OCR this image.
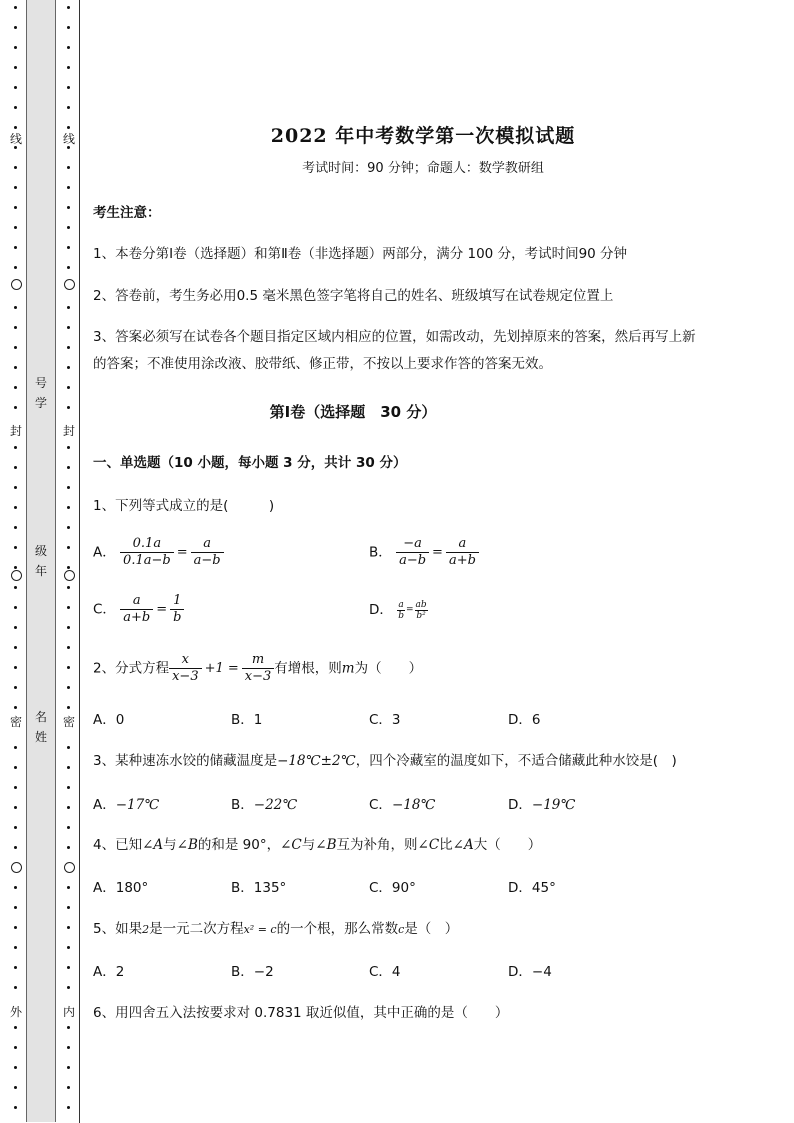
线
封
密
外
线
封
密
内
号
学
级
年
名
姓
2022 年中考数学第一次模拟试题
考试时间：90 分钟；命题人：数学教研组
考生注意：
1、本卷分第Ⅰ卷（选择题）和第Ⅱ卷（非选择题）两部分，满分 100 分，考试时间90 分钟
2、答卷前，考生务必用0.5 毫米黑色签字笔将自己的姓名、班级填写在试卷规定位置上
3、答案必须写在试卷各个题目指定区域内相应的位置，如需改动，先划掉原来的答案，然后再写上新
的答案；不准使用涂改液、胶带纸、修正带，不按以上要求作答的答案无效。
第Ⅰ卷（选择题　30 分）
一、单选题（10 小题，每小题 3 分，共计 30 分）
1、下列等式成立的是(　　　)
A． $\frac{0.1a}{0.1a-b} = \frac{a}{a-b}$	B． $\frac{-a}{a-b} = \frac{a}{a+b}$
C． $\frac{a}{a+b} = \frac{1}{b}$	D． $\frac{a}{b} = \frac{ab}{\text{b²}}$
2、分式方程 $\frac{x}{x-3} +1 = \frac{m}{x-3}$ 有增根，则m为（　　）
A．0	B．1	C．3	D．6
3、某种速冻水饺的储藏温度是−18℃±2℃，四个冷藏室的温度如下，不适合储藏此种水饺是(　)
A．−17℃	B．−22℃	C．−18℃	D．−19℃
4、已知∠A与∠B的和是 90°，∠C与∠B互为补角，则∠C比∠A大（　　）
A．180°	B．135°	C．90°	D．45°
5、如果2是一元二次方程x² = c的一个根，那么常数c是（　）
A．2	B．−2	C．4	D．−4
6、用四舍五入法按要求对 0.7831 取近似值，其中正确的是（　　）
